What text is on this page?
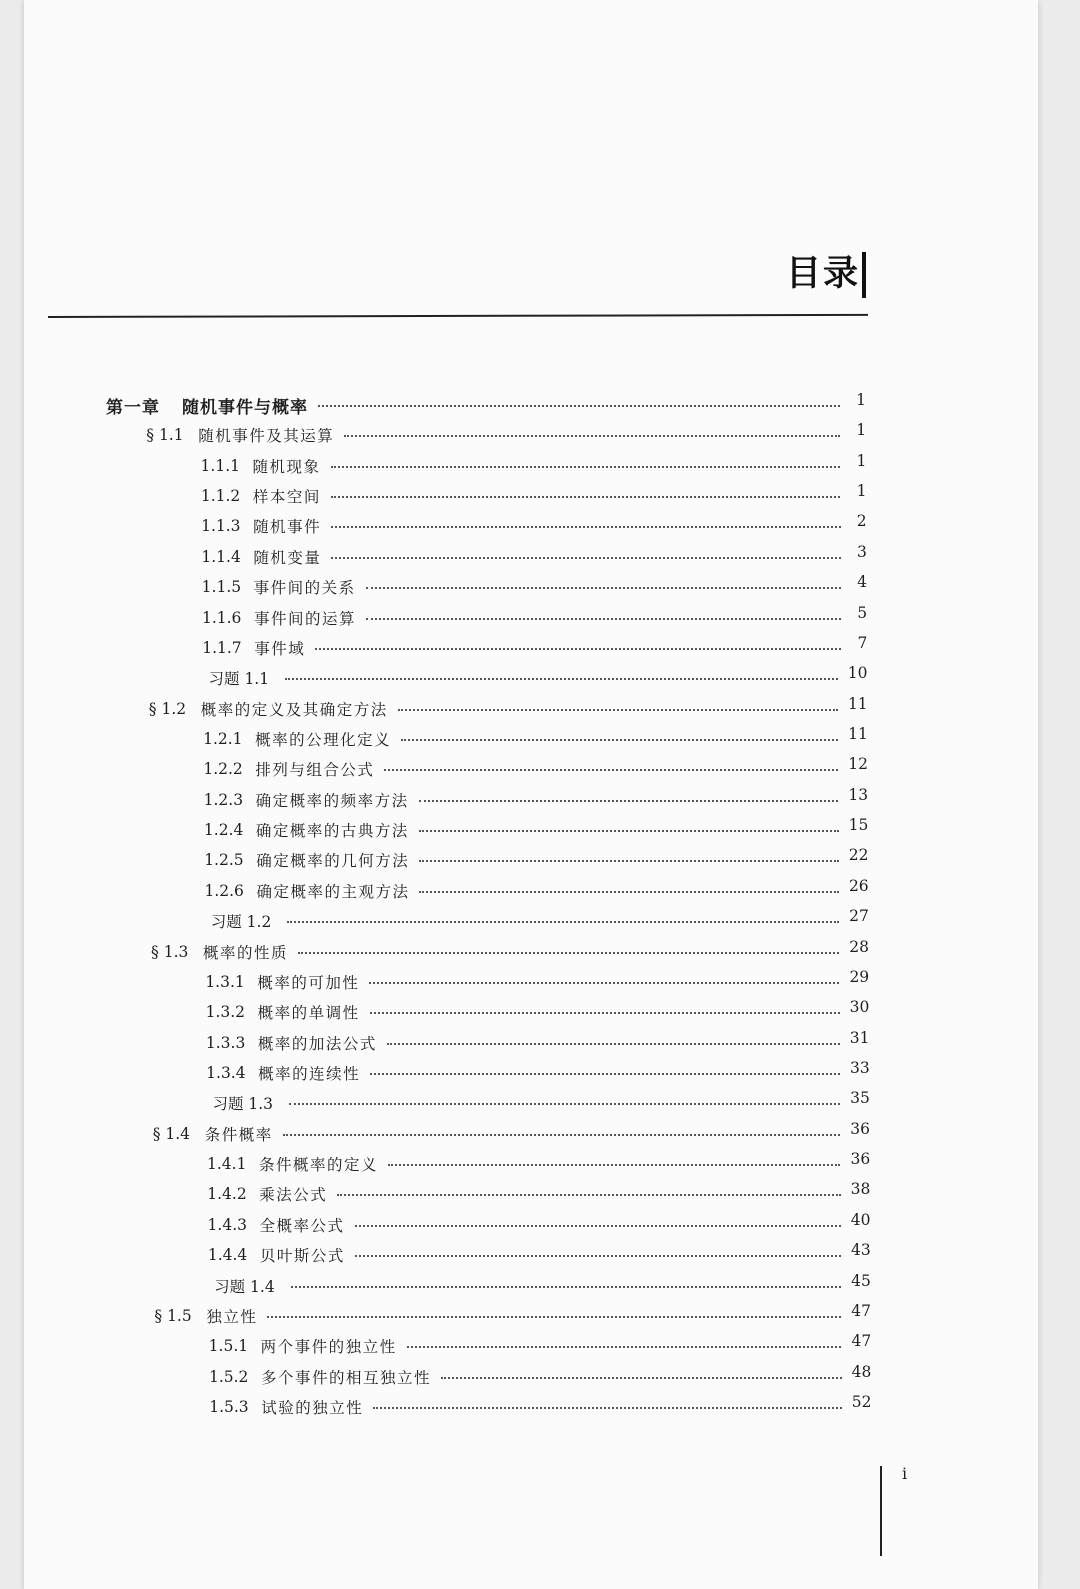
目录
第一章 随机事件与概率	1
§ 1.1 随机事件及其运算	1
1.1.1 随机现象	1
1.1.2 样本空间	1
1.1.3 随机事件	2
1.1.4 随机变量	3
1.1.5 事件间的关系	4
1.1.6 事件间的运算	5
1.1.7 事件域	7
习题 1.1	10
§ 1.2 概率的定义及其确定方法	11
1.2.1 概率的公理化定义	11
1.2.2 排列与组合公式	12
1.2.3 确定概率的频率方法	13
1.2.4 确定概率的古典方法	15
1.2.5 确定概率的几何方法	22
1.2.6 确定概率的主观方法	26
习题 1.2	27
§ 1.3 概率的性质	28
1.3.1 概率的可加性	29
1.3.2 概率的单调性	30
1.3.3 概率的加法公式	31
1.3.4 概率的连续性	33
习题 1.3	35
§ 1.4 条件概率	36
1.4.1 条件概率的定义	36
1.4.2 乘法公式	38
1.4.3 全概率公式	40
1.4.4 贝叶斯公式	43
习题 1.4	45
§ 1.5 独立性	47
1.5.1 两个事件的独立性	47
1.5.2 多个事件的相互独立性	48
1.5.3 试验的独立性	52
i
